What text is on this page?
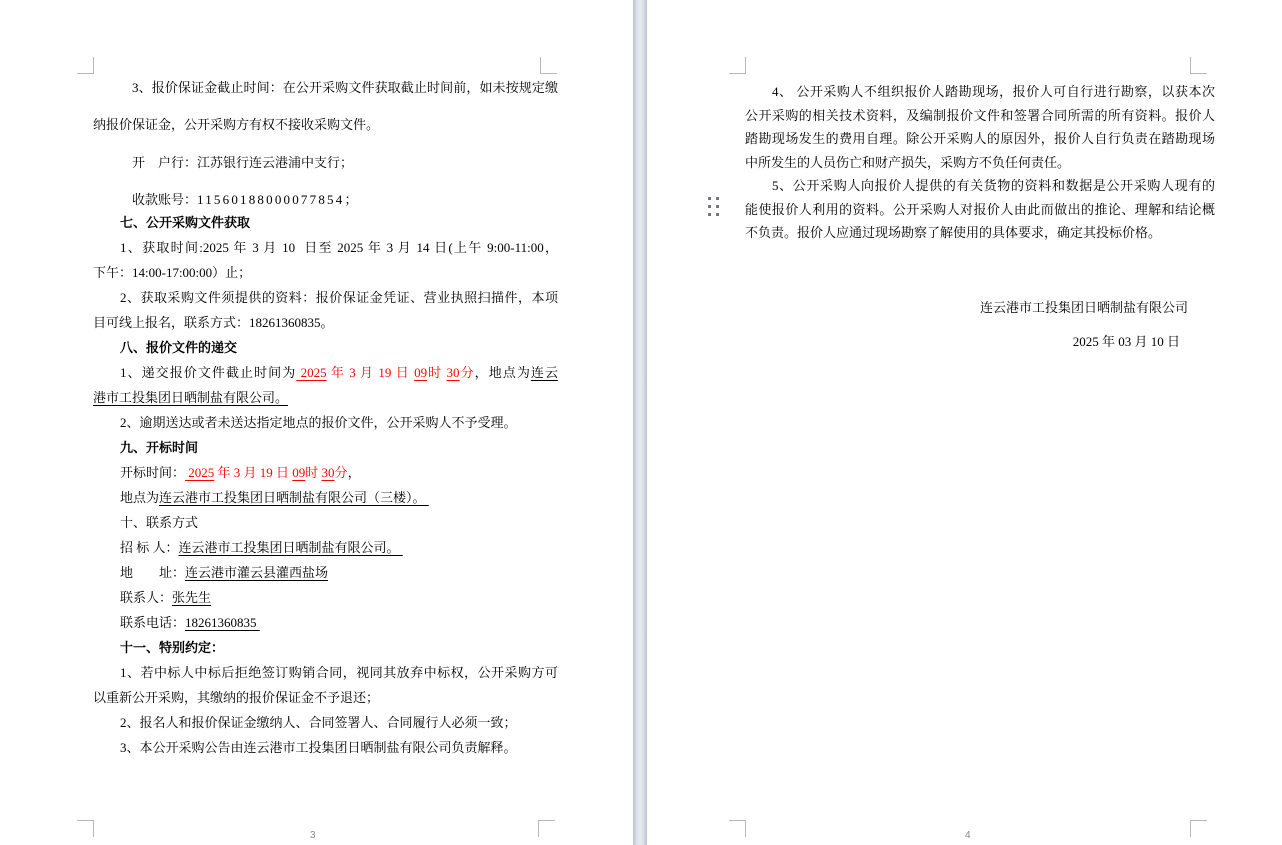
3、报价保证金截止时间：在公开采购文件获取截止时间前，如未按规定缴
纳报价保证金，公开采购方有权不接收采购文件。
开　户行：江苏银行连云港浦中支行；
收款账号：11560188000077854；
七、公开采购文件获取
1、获取时间:2025 年 3 月 10  日至 2025 年 3 月 14 日(上午 9:00-11:00，
下午：14:00-17:00:00）止；
2、获取采购文件须提供的资料：报价保证金凭证、营业执照扫描件，本项
目可线上报名，联系方式：18261360835。
八、报价文件的递交
1、递交报价文件截止时间为 2025 年 3 月 19 日 09时 30分，地点为连云
港市工投集团日晒制盐有限公司。
2、逾期送达或者未送达指定地点的报价文件，公开采购人不予受理。
九、开标时间
开标时间： 2025 年 3 月 19 日 09时 30分，
地点为连云港市工投集团日晒制盐有限公司（三楼）。
十、联系方式
招 标 人：连云港市工投集团日晒制盐有限公司。
地　　址：连云港市灌云县灌西盐场
联系人：张先生
联系电话：18261360835
十一、特别约定：
1、若中标人中标后拒绝签订购销合同，视同其放弃中标权，公开采购方可
以重新公开采购，其缴纳的报价保证金不予退还；
2、报名人和报价保证金缴纳人、合同签署人、合同履行人必须一致；
3、本公开采购公告由连云港市工投集团日晒制盐有限公司负责解释。
3
4、 公开采购人不组织报价人踏勘现场，报价人可自行进行勘察，以获本次
公开采购的相关技术资料，及编制报价文件和签署合同所需的所有资料。报价人
踏勘现场发生的费用自理。除公开采购人的原因外，报价人自行负责在踏勘现场
中所发生的人员伤亡和财产损失，采购方不负任何责任。
5、公开采购人向报价人提供的有关货物的资料和数据是公开采购人现有的
能使报价人利用的资料。公开采购人对报价人由此而做出的推论、理解和结论概
不负责。报价人应通过现场勘察了解使用的具体要求，确定其投标价格。
连云港市工投集团日晒制盐有限公司
2025 年 03 月 10 日
4
